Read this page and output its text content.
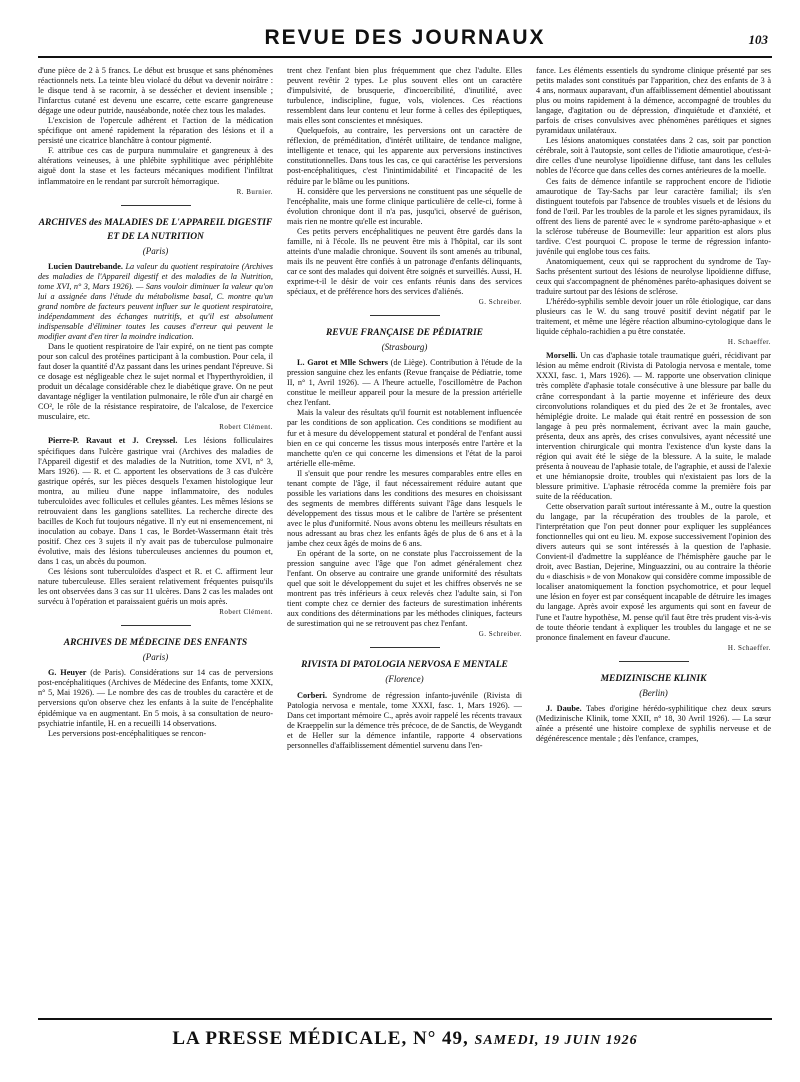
REVUE DES JOURNAUX	103

d'une pièce de 2 à 5 francs. Le début est brusque et sans phénomènes réactionnels nets. La teinte bleu violacé du début va devenir noirâtre : le disque tend à se racornir, à se dessécher et devient insensible ; l'infarctus cutané est devenu une escarre, cette escarre gangreneuse dégage une odeur putride, nauséabonde, notée chez tous les malades.

L'excision de l'opercule adhérent et l'action de la médication spécifique ont amené rapidement la réparation des lésions et il a persisté une cicatrice blanchâtre à contour pigmenté.

F. attribue ces cas de purpura nummulaire et gangreneux à des altérations veineuses, à une phlébite syphilitique avec périphlébite aiguë dont la stase et les facteurs mécaniques modifient l'infiltrat inflammatoire en le rendant par surcroît hémorragique.

R. Burnier.
ARCHIVES des MALADIES DE L'APPAREIL DIGESTIF ET DE LA NUTRITION
(Paris)

Lucien Dautrebande. La valeur du quotient respiratoire (Archives des maladies de l'Appareil digestif et des maladies de la Nutrition, tome XVI, n° 3, Mars 1926). — Sans vouloir diminuer la valeur qu'on lui a assignée dans l'étude du métabolisme basal, C. montre qu'un grand nombre de facteurs peuvent influer sur le quotient respiratoire, indépendamment des échanges nutritifs, et qu'il est absolument indispensable d'éliminer toutes les causes d'erreur qui peuvent le modifier avant d'en tirer la moindre indication.

Dans le quotient respiratoire de l'air expiré, on ne tient pas compte pour son calcul des protéines participant à la combustion. Pour cela, il faut doser la quantité d'Az passant dans les urines pendant l'épreuve. Si ce dosage est négligeable chez le sujet normal et l'hyperthyroïdien, il produit un décalage considérable chez le diabétique grave. On ne peut davantage négliger la ventilation pulmonaire, le rôle d'un air chargé en CO², le rôle de la résistance respiratoire, de l'alcalose, de l'exercice musculaire, etc.

Robert Clément.

Pierre-P. Ravaut et J. Creyssel. Les lésions folliculaires spécifiques dans l'ulcère gastrique vrai (Archives des maladies de l'Appareil digestif et des maladies de la Nutrition, tome XVI, n° 3, Mars 1926). — R. et C. apportent les observations de 3 cas d'ulcère gastrique opérés, sur les pièces desquels l'examen histologique leur montra, au milieu d'une nappe inflammatoire, des nodules tuberculoïdes avec follicules et cellules géantes. Les mêmes lésions se retrouvaient dans les ganglions satellites. La recherche directe des bacilles de Koch fut toujours négative. Il n'y eut ni ensemencement, ni inoculation au cobaye. Dans 1 cas, le Bordet-Wassermann était très positif. Chez ces 3 sujets il n'y avait pas de tuberculose pulmonaire évolutive, mais des lésions tuberculeuses anciennes du poumon et, dans 1 cas, un abcès du poumon.

Ces lésions sont tuberculoïdes d'aspect et R. et C. affirment leur nature tuberculeuse. Elles seraient relativement fréquentes puisqu'ils les ont observées dans 3 cas sur 11 ulcères. Dans 2 cas les malades ont survécu à l'opération et paraissaient guéris un mois après.

Robert Clément.
ARCHIVES DE MÉDECINE DES ENFANTS
(Paris)

G. Heuyer (de Paris). Considérations sur 14 cas de perversions post-encéphalitiques (Archives de Médecine des Enfants, tome XXIX, n° 5, Mai 1926). — Le nombre des cas de troubles du caractère et de perversions qu'on observe chez les enfants à la suite de l'encéphalite épidémique va en augmentant. En 5 mois, à sa consultation de neuro-psychiatrie infantile, H. en a recueilli 14 observations.

Les perversions post-encéphalitiques se rencon-

trent chez l'enfant bien plus fréquemment que chez l'adulte. Elles peuvent revêtir 2 types. Le plus souvent elles ont un caractère d'impulsivité, de brusquerie, d'incoercibilité, d'inutilité, avec turbulence, indiscipline, fugue, vols, violences. Ces réactions ressemblent dans leur contenu et leur forme à celles des épileptiques, mais elles sont conscientes et mnésiques.

Quelquefois, au contraire, les perversions ont un caractère de réflexion, de préméditation, d'intérêt utilitaire, de tendance maligne, intelligente et tenace, qui les apparente aux perversions instinctives constitutionnelles. Dans tous les cas, ce qui caractérise les perversions post-encéphalitiques, c'est l'inintimidabilité et l'incapacité de les réduire par le blâme ou les punitions.

H. considère que les perversions ne constituent pas une séquelle de l'encéphalite, mais une forme clinique particulière de celle-ci, forme à évolution chronique dont il n'a pas, jusqu'ici, observé de guérison, mais rien ne montre qu'elle est incurable.

Ces petits pervers encéphalitiques ne peuvent être gardés dans la famille, ni à l'école. Ils ne peuvent être mis à l'hôpital, car ils sont atteints d'une maladie chronique. Souvent ils sont amenés au tribunal, mais ils ne peuvent être confiés à un patronage d'enfants délinquants, car ce sont des malades qui doivent être soignés et surveillés. Aussi, H. exprime-t-il le désir de voir ces enfants réunis dans des services spéciaux, et de préférence hors des services d'aliénés.

G. Schreiber.
REVUE FRANÇAISE DE PÉDIATRIE
(Strasbourg)

L. Garot et Mlle Schwers (de Liège). Contribution à l'étude de la pression sanguine chez les enfants (Revue française de Pédiatrie, tome II, n° 1, Avril 1926). — A l'heure actuelle, l'oscillomètre de Pachon constitue le meilleur appareil pour la mesure de la pression artérielle chez l'enfant.

Mais la valeur des résultats qu'il fournit est notablement influencée par les conditions de son application. Ces conditions se modifient au fur et à mesure du développement statural et pondéral de l'enfant aussi bien en ce qui concerne les tissus mous interposés entre l'artère et la manchette qu'en ce qui concerne les dimensions et l'état de la paroi artérielle elle-même.

Il s'ensuit que pour rendre les mesures comparables entre elles en tenant compte de l'âge, il faut nécessairement réduire autant que possible les variations dans les conditions des mesures en choisissant des segments de membres différents suivant l'âge dans lesquels le développement des tissus mous et le calibre de l'artère se présentent avec le plus d'uniformité. Nous avons obtenu les meilleurs résultats en nous adressant au bras chez les enfants âgés de plus de 6 ans et à la jambe chez ceux âgés de moins de 6 ans.

En opérant de la sorte, on ne constate plus l'accroissement de la pression sanguine avec l'âge que l'on admet généralement chez l'enfant. On observe au contraire une grande uniformité des résultats quel que soit le développement du sujet et les chiffres observés ne se montrent pas très inférieurs à ceux relevés chez l'adulte sain, si l'on tient compte chez ce dernier des facteurs de surestimation inhérents aux conditions des déterminations par les méthodes cliniques, facteurs de surestimation qui ne se retrouvent pas chez l'enfant.

G. Schreiber.
RIVISTA DI PATOLOGIA NERVOSA E MENTALE
(Florence)

Corberi. Syndrome de régression infanto-juvénile (Rivista di Patologia nervosa e mentale, tome XXXI, fasc. 1, Mars 1926). — Dans cet important mémoire C., après avoir rappelé les récents travaux de Kraeppelin sur la démence très précoce, de de Sanctis, de Weygandt et de Heller sur la démence infantile, rapporte 4 observations personnelles d'affaiblissement démentiel survenu dans l'en-

fance. Les éléments essentiels du syndrome clinique présenté par ses petits malades sont constitués par l'apparition, chez des enfants de 3 à 4 ans, normaux auparavant, d'un affaiblissement démentiel aboutissant plus ou moins rapidement à la démence, accompagné de troubles du langage, d'agitation ou de dépression, d'inquiétude et d'anxiété, et parfois de crises convulsives avec phénomènes parétiques et signes pyramidaux unilatéraux.

Les lésions anatomiques constatées dans 2 cas, soit par ponction cérébrale, soit à l'autopsie, sont celles de l'idiotie amaurotique, c'est-à-dire celles d'une neurolyse lipoïdienne diffuse, tant dans les cellules nobles de l'écorce que dans celles des cornes antérieures de la moelle.

Ces faits de démence infantile se rapprochent encore de l'idiotie amaurotique de Tay-Sachs par leur caractère familial; ils s'en distinguent toutefois par l'absence de troubles visuels et de lésions du fond de l'œil. Par les troubles de la parole et les signes pyramidaux, ils offrent des liens de parenté avec le « syndrome paréto-aphasique » et la sclérose tubéreuse de Bourneville: leur apparition est alors plus tardive. C'est pourquoi C. propose le terme de régression infanto-juvénile qui englobe tous ces faits.

Anatomiquement, ceux qui se rapprochent du syndrome de Tay-Sachs présentent surtout des lésions de neurolyse lipoïdienne diffuse, ceux qui s'accompagnent de phénomènes paréto-aphasiques doivent se traduire surtout par des lésions de sclérose.

L'hérédo-syphilis semble devoir jouer un rôle étiologique, car dans plusieurs cas le W. du sang trouvé positif devint négatif par le traitement, et même une légère réaction albumino-cytologique dans le liquide céphalo-rachidien a pu être constatée.

H. Schaeffer.

Morselli. Un cas d'aphasie totale traumatique guéri, récidivant par lésion au même endroit (Rivista di Patologia nervosa e mentale, tome XXXI, fasc. 1, Mars 1926). — M. rapporte une observation clinique très complète d'aphasie totale consécutive à une blessure par balle du crâne correspondant à la partie moyenne et inférieure des deux circonvolutions rolandiques et du pied des 2e et 3e frontales, avec hémiplégie droite. Le malade qui était rentré en possession de son langage à peu près normalement, écrivant avec la main gauche, présenta, deux ans après, des crises convulsives, ayant nécessité une intervention chirurgicale qui montra l'existence d'un kyste dans la région qui avait été le siège de la blessure. A la suite, le malade présenta à nouveau de l'aphasie totale, de l'agraphie, et aussi de l'alexie et une hémianopsie droite, troubles qui n'existaient pas lors de la blessure primitive. L'aphasie rétrocéda comme la première fois par suite de la rééducation.

Cette observation paraît surtout intéressante à M., outre la question du langage, par la récupération des troubles de la parole, et l'interprétation que l'on peut donner pour expliquer les suppléances fonctionnelles qui ont eu lieu. M. expose successivement l'opinion des divers auteurs qui se sont intéressés à la question de l'aphasie. Convient-il d'admettre la suppléance de l'hémisphère gauche par le droit, avec Bastian, Dejerine, Minguazzini, ou au contraire la théorie du « diaschisis » de von Monakow qui considère comme impossible de localiser anatomiquement la fonction psychomotrice, et pour lequel une lésion en foyer est par conséquent incapable de détruire les images du langage. Après avoir exposé les arguments qui sont en faveur de l'une et l'autre hypothèse, M. pense qu'il faut être très prudent vis-à-vis de toute théorie tendant à expliquer les troubles du langage et ne se prononce finalement en faveur d'aucune.

H. Schaeffer.
MEDIZINISCHE KLINIK
(Berlin)

J. Daube. Tabes d'origine hérédo-syphilitique chez deux sœurs (Medizinische Klinik, tome XXII, n° 18, 30 Avril 1926). — La sœur aînée a présenté une histoire complexe de syphilis nerveuse et de dégénérescence mentale ; dès l'enfance, crampes,

LA PRESSE MÉDICALE, N° 49, SAMEDI, 19 JUIN 1926
